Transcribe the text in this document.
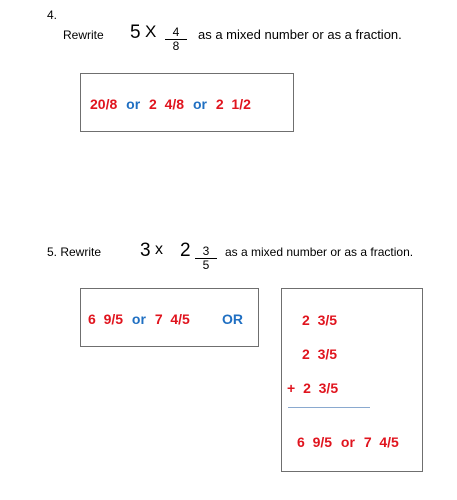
4.
Rewrite 5 X	4
8
as a mixed number or as a fraction.
20/8 or 2  4/8 or 2  1/2
5. Rewrite 3 x 2	3
5
as a mixed number or as a fraction.
6  9/5 or 7  4/5 OR	2  3/5
2  3/5
+ 2  3/5
6  9/5 or 7  4/5
